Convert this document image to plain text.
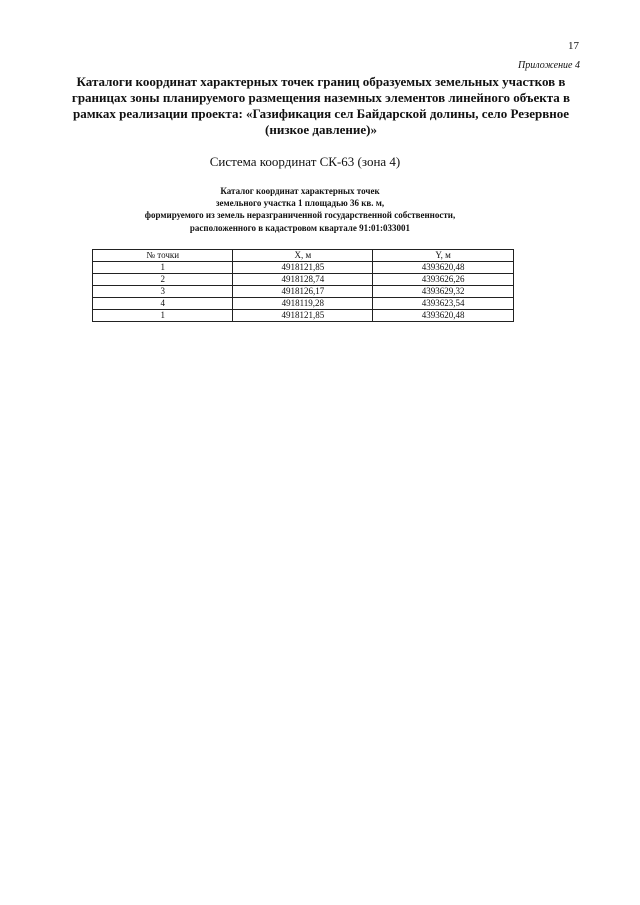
17
Приложение 4
Каталоги координат характерных точек границ образуемых земельных участков в границах зоны планируемого размещения наземных элементов линейного объекта в рамках реализации проекта: «Газификация сел Байдарской долины, село Резервное (низкое давление)»
Система координат СК-63 (зона 4)
Каталог координат характерных точек
земельного участка 1 площадью 36 кв. м,
формируемого из земель неразграниченной государственной собственности,
расположенного в кадастровом квартале 91:01:033001
№ точки	X, м	Y, м
1	4918121,85	4393620,48
2	4918128,74	4393626,26
3	4918126,17	4393629,32
4	4918119,28	4393623,54
1	4918121,85	4393620,48
